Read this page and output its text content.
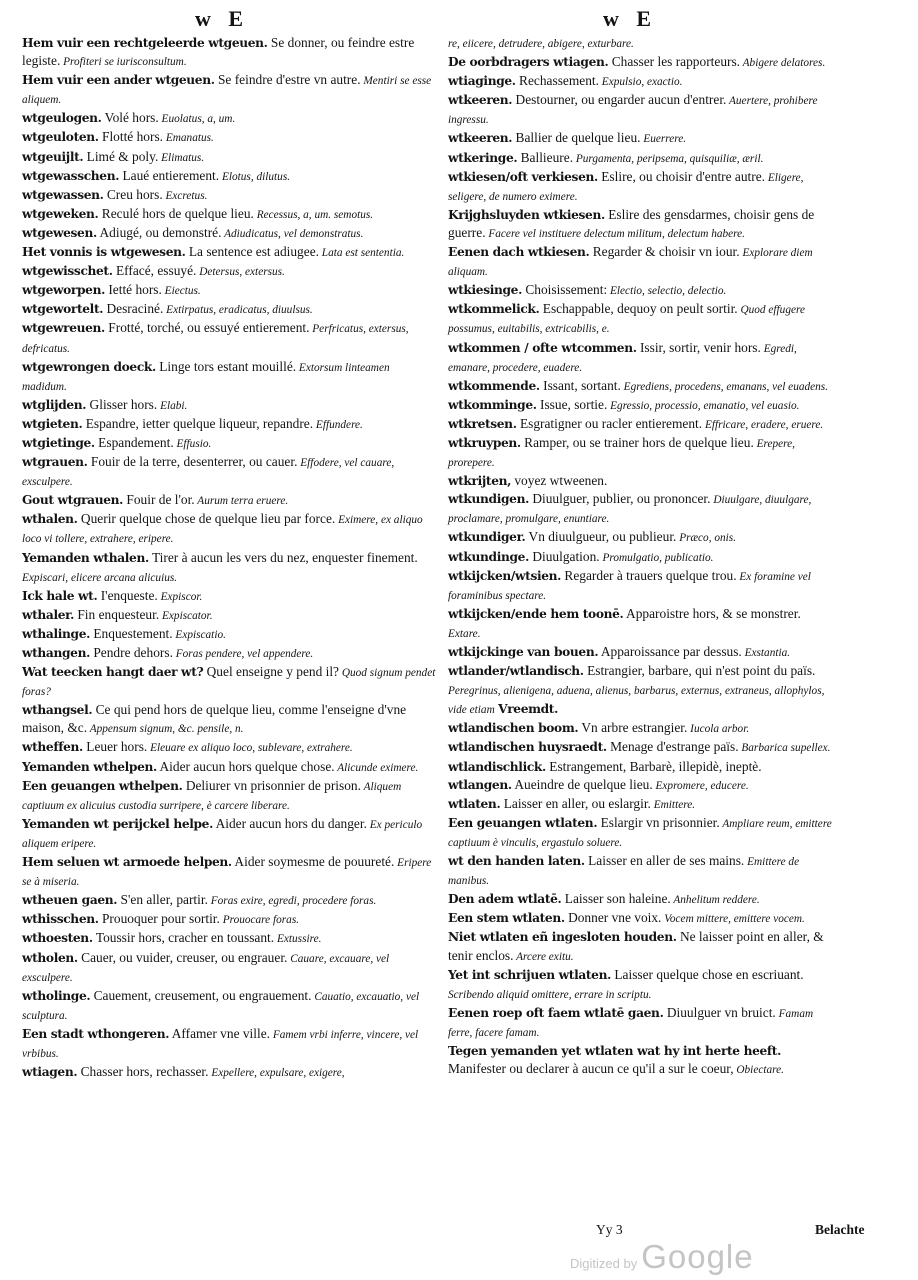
w E	w E
Hem vuir een rechtgeleerde wtgeuen. Se donner, ou feindre estre legiste. Profiteri se iurisconsultum.
Hem vuir een ander wtgeuen. Se feindre d'estre vn autre. Mentiri se esse aliquem.
wtgeulogen. Volé hors. Euolatus, a, um.
wtgeuloten. Flotté hors. Emanatus.
wtgeuijlt. Limé & poly. Elimatus.
wtgewasschen. Laué entierement. Elotus, dilutus.
wtgewassen. Creu hors. Excretus.
wtgeweken. Reculé hors de quelque lieu. Recessus, a, um. semotus.
wtgewesen. Adiugé, ou demonstré. Adiudicatus, vel demonstratus.
Het vonnis is wtgewesen. La sentence est adiugee. Lata est sententia.
wtgewisschet. Effacé, essuyé. Detersus, extersus.
wtgeworpen. Ietté hors. Eiectus.
wtgewortelt. Desraciné. Extirpatus, eradicatus, diuulsus.
wtgewreuen. Frotté, torché, ou essuyé entierement. Perfricatus, extersus, defricatus.
wtgewrongen doeck. Linge tors estant mouillé. Extorsum linteamen madidum.
wtglijden. Glisser hors. Elabi.
wtgieten. Espandre, ietter quelque liqueur, repandre. Effundere.
wtgietinge. Espandement. Effusio.
wtgrauen. Fouir de la terre, desenterrer, ou cauer. Effodere, vel cauare, exsculpere.
Gout wtgrauen. Fouir de l'or. Aurum terra eruere.
wthalen. Querir quelque chose de quelque lieu par force. Eximere, ex aliquo loco vi tollere, extrahere, eripere.
Yemanden wthalen. Tirer à aucun les vers du nez, enquester finement. Expiscari, elicere arcana alicuius.
Ick hale wt. I'enqueste. Expiscor.
wthaler. Fin enquesteur. Expiscator.
wthalinge. Enquestement. Expiscatio.
wthangen. Pendre dehors. Foras pendere, vel appendere.
Wat teecken hangt daer wt? Quel enseigne y pend il? Quod signum pendet foras?
wthangsel. Ce qui pend hors de quelque lieu, comme l'enseigne d'vne maison, &c. Appensum signum, &c. pensile, n.
wtheffen. Leuer hors. Eleuare ex aliquo loco, sublevare, extrahere.
Yemanden wthelpen. Aider aucun hors quelque chose. Alicunde eximere.
Een geuangen wthelpen. Deliurer vn prisonnier de prison. Aliquem captiuum ex alicuius custodia surripere, è carcere liberare.
Yemanden wt perijckel helpe. Aider aucun hors du danger. Ex periculo aliquem eripere.
Hem seluen wt armoede helpen. Aider soymesme de pouureté. Eripere se à miseria.
wtheuen gaen. S'en aller, partir. Foras exire, egredi, procedere foras.
wthisschen. Prouoquer pour sortir. Prouocare foras.
wthoesten. Toussir hors, cracher en toussant. Extussire.
wtholen. Cauer, ou vuider, creuser, ou engrauer. Cauare, excauare, vel exsculpere.
wtholinge. Cauement, creusement, ou engrauement. Cauatio, excauatio, vel sculptura.
Een stadt wthongeren. Affamer vne ville. Famem vrbi inferre, vincere, vel vrbibus.
wtiagen. Chasser hors, rechasser. Expellere, expulsare, exigere,
re, eiicere, detrudere, abigere, exturbare.
De oorbdragers wtiagen. Chasser les rapporteurs. Abigere delatores.
wtiaginge. Rechassement. Expulsio, exactio.
wtkeeren. Destourner, ou engarder aucun d'entrer. Auertere, prohibere ingressu.
wtkeeren. Ballier de quelque lieu. Euerrere.
wtkeringe. Ballieure. Purgamenta, peripsema, quisquiliæ, æril.
wtkiesen/oft verkiesen. Eslire, ou choisir d'entre autre. Eligere, seligere, de numero eximere.
Krijghsluyden wtkiesen. Eslire des gensdarmes, choisir gens de guerre. Facere vel instituere delectum militum, delectum habere.
Eenen dach wtkiesen. Regarder & choisir vn iour. Explorare diem aliquam.
wtkiesinge. Choisissement: Electio, selectio, delectio.
wtkommelick. Eschappable, dequoy on peult sortir. Quod effugere possumus, euitabilis, extricabilis, e.
wtkommen / ofte wtcommen. Issir, sortir, venir hors. Egredi, emanare, procedere, euadere.
wtkommende. Issant, sortant. Egrediens, procedens, emanans, vel euadens.
wtkomminge. Issue, sortie. Egressio, processio, emanatio, vel euasio.
wtkretsen. Esgratigner ou racler entierement. Effricare, eradere, eruere.
wtkruypen. Ramper, ou se trainer hors de quelque lieu. Erepere, prorepere.
wtkrijten, voyez wtweenen.
wtkundigen. Diuulguer, publier, ou prononcer. Diuulgare, diuulgare, proclamare, promulgare, enuntiare.
wtkundiger. Vn diuulgueur, ou publieur. Præco, onis.
wtkundinge. Diuulgation. Promulgatio, publicatio.
wtkijcken/wtsien. Regarder à trauers quelque trou. Ex foramine vel foraminibus spectare.
wtkijcken/ende hem toonē. Apparoistre hors, & se monstrer. Extare.
wtkijckinge van bouen. Apparoissance par dessus. Exstantia.
wtlander/wtlandisch. Estrangier, barbare, qui n'est point du païs. Peregrinus, alienigena, aduena, alienus, barbarus, externus, extraneus, allophylos, vide etiam Vreemdt.
wtlandischen boom. Vn arbre estrangier. Iucola arbor.
wtlandischen huysraedt. Menage d'estrange païs. Barbarica supellex.
wtlandischlick. Estrangement, Barbarè, illepidè, ineptè.
wtlangen. Aueindre de quelque lieu. Expromere, educere.
wtlaten. Laisser en aller, ou eslargir. Emittere.
Een geuangen wtlaten. Eslargir vn prisonnier. Ampliare reum, emittere captiuum è vinculis, ergastulo soluere.
wt den handen laten. Laisser en aller de ses mains. Emittere de manibus.
Den adem wtlatē. Laisser son haleine. Anhelitum reddere.
Een stem wtlaten. Donner vne voix. Vocem mittere, emittere vocem.
Niet wtlaten eñ ingesloten houden. Ne laisser point en aller, & tenir enclos. Arcere exitu.
Yet int schrijuen wtlaten. Laisser quelque chose en escriuant. Scribendo aliquid omittere, errare in scriptu.
Eenen roep oft faem wtlatē gaen. Diuulguer vn bruict. Famam ferre, facere famam.
Tegen yemanden yet wtlaten wat hy int herte heeft. Manifester ou declarer à aucun ce qu'il a sur le coeur, Obiectare.
Yy 3	Belachte
Digitized by Google
